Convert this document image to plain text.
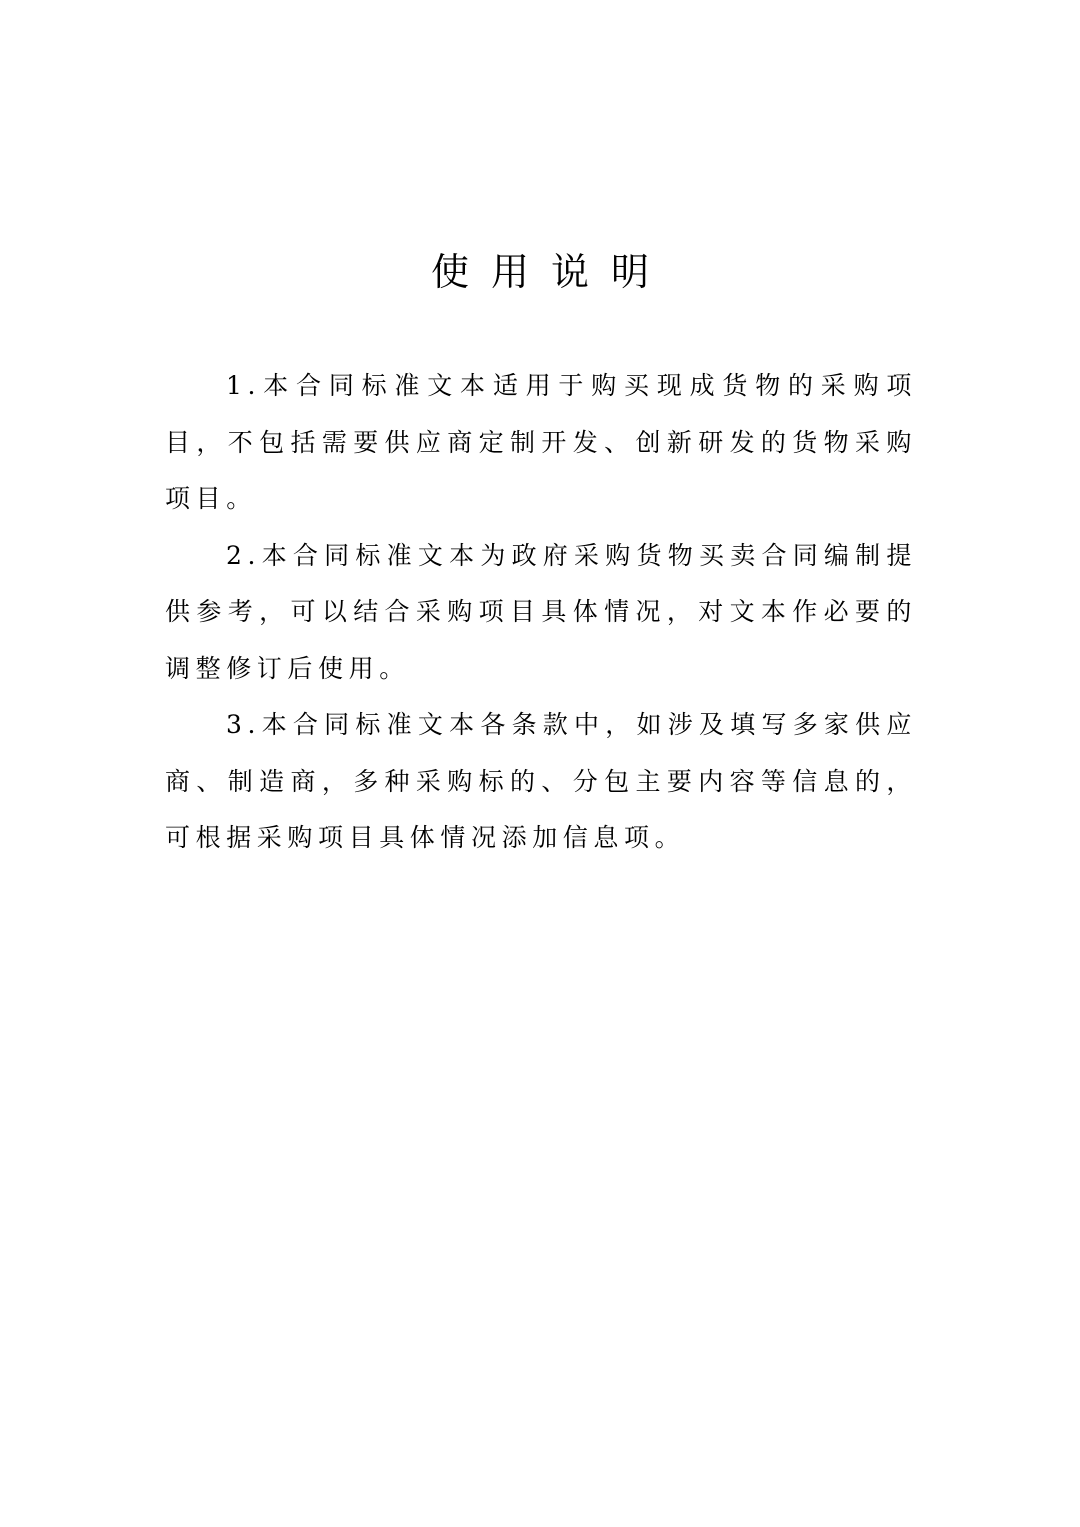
使用说明

1.本合同标准文本适用于购买现成货物的采购项目，不包括需要供应商定制开发、创新研发的货物采购项目。

2.本合同标准文本为政府采购货物买卖合同编制提供参考，可以结合采购项目具体情况，对文本作必要的调整修订后使用。

3.本合同标准文本各条款中，如涉及填写多家供应商、制造商，多种采购标的、分包主要内容等信息的，可根据采购项目具体情况添加信息项。
